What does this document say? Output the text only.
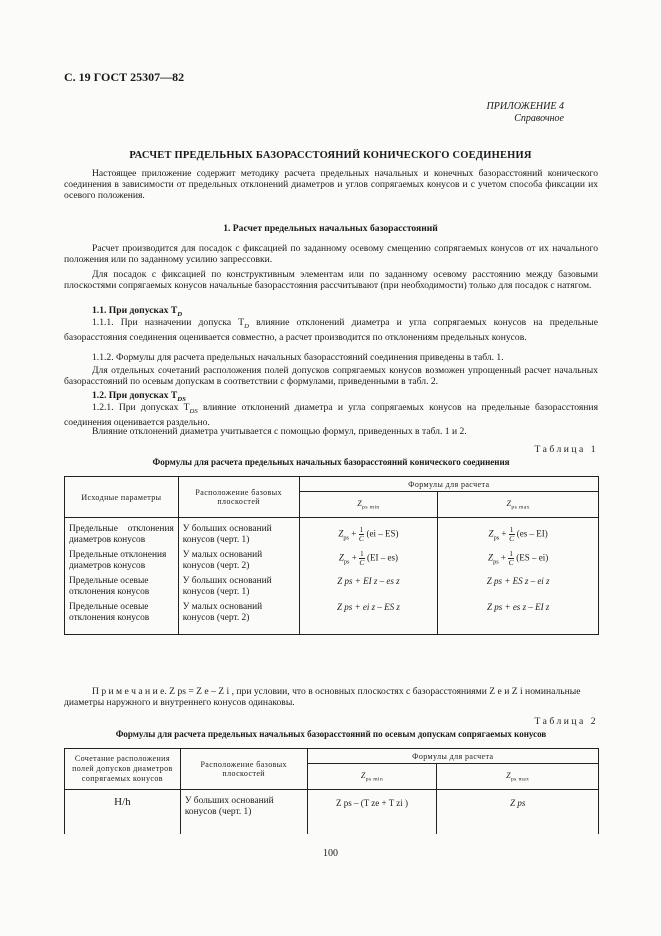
С. 19 ГОСТ 25307—82
ПРИЛОЖЕНИЕ 4
Справочное
РАСЧЕТ ПРЕДЕЛЬНЫХ БАЗОРАССТОЯНИЙ КОНИЧЕСКОГО СОЕДИНЕНИЯ
Настоящее приложение содержит методику расчета предельных начальных и конечных базорасстояний конического соединения в зависимости от предельных отклонений диаметров и углов сопрягаемых конусов и с учетом способа фиксации их осевого положения.
1. Расчет предельных начальных базорасстояний
Расчет производится для посадок с фиксацией по заданному осевому смещению сопрягаемых конусов от их начального положения или по заданному усилию запрессовки.
Для посадок с фиксацией по конструктивным элементам или по заданному осевому расстоянию между базовыми плоскостями сопрягаемых конусов начальные базорасстояния рассчитывают (при необходимости) только для посадок с натягом.
1.1. При допусках $T_D$
1.1.1. При назначении допуска $T_D$ влияние отклонений диаметра и угла сопрягаемых конусов на предельные базорасстояния соединения оценивается совместно, а расчет производится по отклонениям предельных конусов.
1.1.2. Формулы для расчета предельных начальных базорасстояний соединения приведены в табл. 1.
Для отдельных сочетаний расположения полей допусков сопрягаемых конусов возможен упрощенный расчет начальных базорасстояний по осевым допускам в соответствии с формулами, приведенными в табл. 2.
1.2. При допусках $T_{DS}$
1.2.1. При допусках $T_{DS}$ влияние отклонений диаметра и угла сопрягаемых конусов на предельные базорасстояния соединения оценивается раздельно.
Влияние отклонений диаметра учитывается с помощью формул, приведенных в табл. 1 и 2.
Таблица 1
Формулы для расчета предельных начальных базорасстояний конического соединения
Исходные параметры	Расположение базовых плоскостей	Формулы для расчета	
		$Z_{ps min}$	$Z_{ps max}$
Предельные отклонения диаметров конусов	У больших оснований конусов (черт. 1)	$Z_{ps} + \frac{1}{C} (ei - ES)$	$Z_{ps} + \frac{1}{C} (es - EI)$
Предельные отклонения диаметров конусов	У малых оснований конусов (черт. 2)	$Z_{ps} + \frac{1}{C} (EI - es)$	$Z_{ps} + \frac{1}{C} (ES - ei)$
Предельные осевые отклонения конусов	У больших оснований конусов (черт. 1)	Z ps + EI z – es z	Z ps + ES z – ei z
Предельные осевые отклонения конусов	У малых оснований конусов (черт. 2)	Z ps + ei z – ES z	Z ps + es z – EI z
П р и м е ч а н и е. Z ps = Z e – Z i , при условии, что в основных плоскостях с базорасстояниями Z e и Z i номинальные диаметры наружного и внутреннего конусов одинаковы.
Таблица 2
Формулы для расчета предельных начальных базорасстояний по осевым допускам сопрягаемых конусов
Сочетание расположения полей допусков диаметров сопрягаемых конусов	Расположение базовых плоскостей	Формулы для расчета	
		$Z_{ps min}$	$Z_{ps max}$
H/h	У больших оснований конусов (черт. 1)	Z ps – (T ze + T zi )	Z ps
100
